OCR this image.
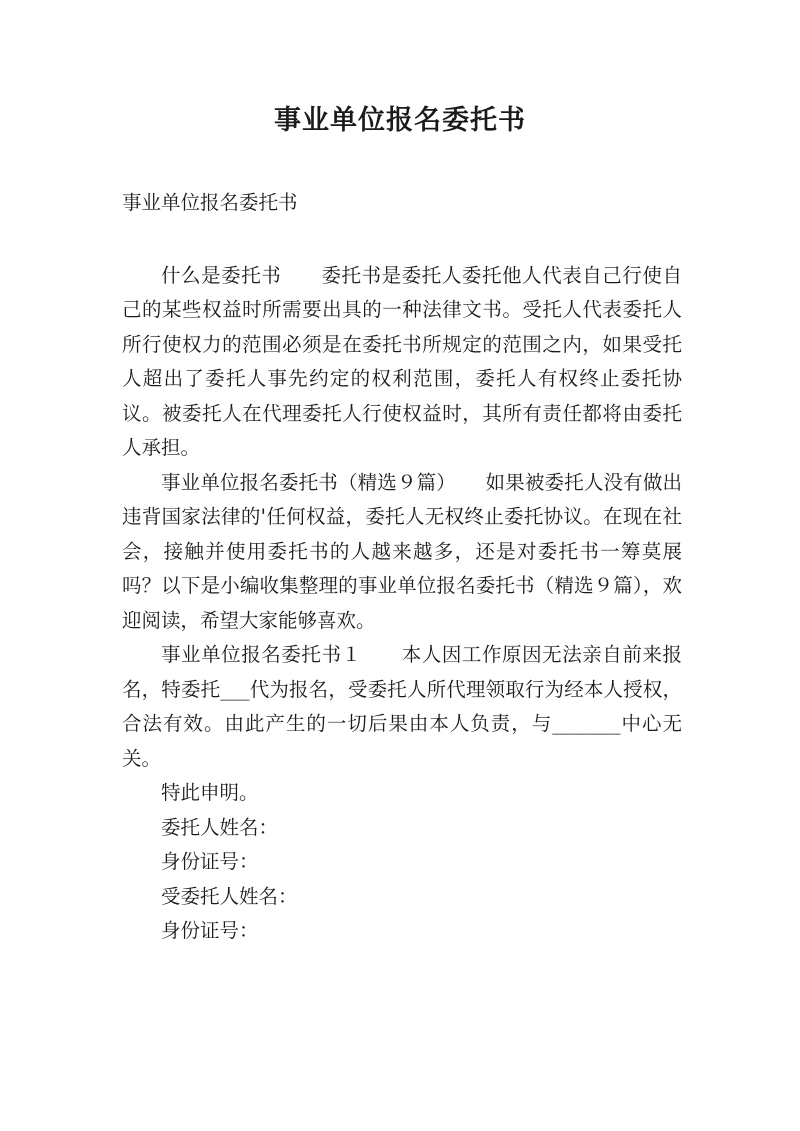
事业单位报名委托书

事业单位报名委托书

什么是委托书　　委托书是委托人委托他人代表自己行使自己的某些权益时所需要出具的一种法律文书。受托人代表委托人所行使权力的范围必须是在委托书所规定的范围之内，如果受托人超出了委托人事先约定的权利范围，委托人有权终止委托协议。被委托人在代理委托人行使权益时，其所有责任都将由委托人承担。

事业单位报名委托书（精选９篇）　　如果被委托人没有做出违背国家法律的'任何权益，委托人无权终止委托协议。在现在社会，接触并使用委托书的人越来越多，还是对委托书一筹莫展吗？以下是小编收集整理的事业单位报名委托书（精选９篇），欢迎阅读，希望大家能够喜欢。

事业单位报名委托书１　　本人因工作原因无法亲自前来报名，特委托___代为报名，受委托人所代理领取行为经本人授权，合法有效。由此产生的一切后果由本人负责，与_______中心无关。

特此申明。

委托人姓名：

身份证号：

受委托人姓名：

身份证号：
